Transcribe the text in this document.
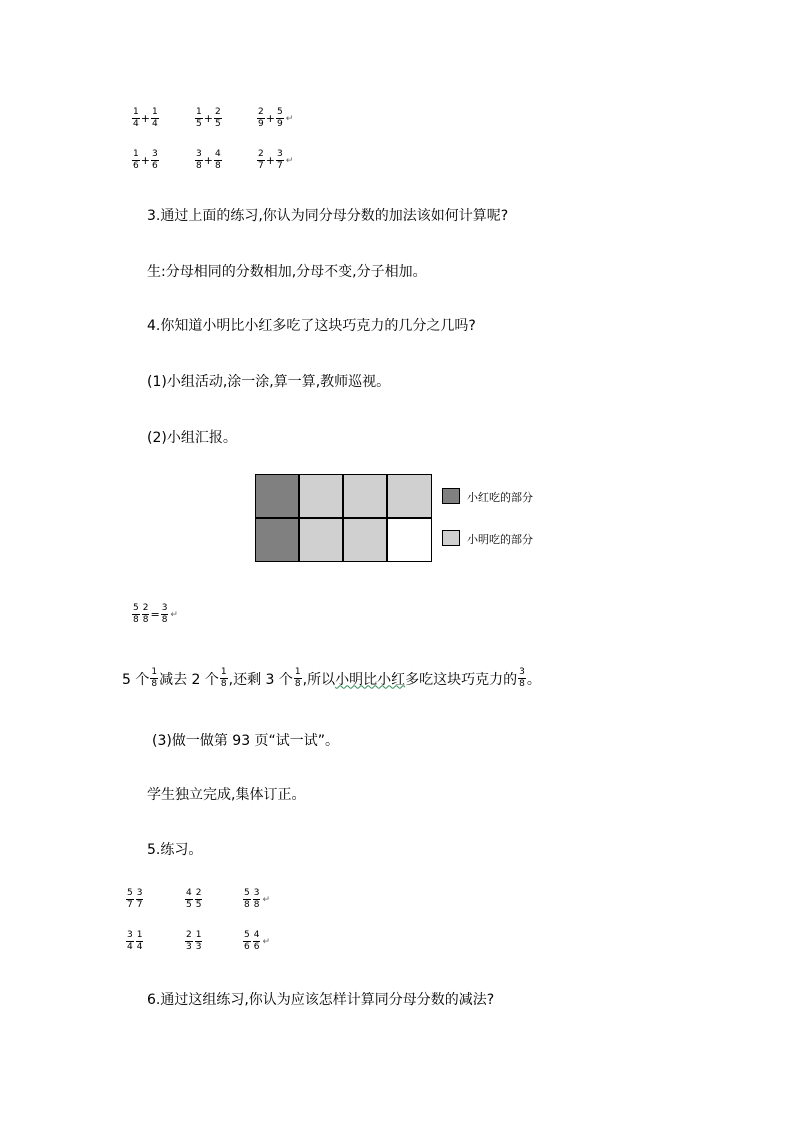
$\frac{1}{4} + \frac{1}{4}$	$\frac{1}{5} + \frac{2}{5}$	$\frac{2}{9} + \frac{5}{9}$ ↵
$\frac{1}{6} + \frac{3}{6}$	$\frac{3}{8} + \frac{4}{8}$	$\frac{2}{7} + \frac{3}{7}$ ↵
3.通过上面的练习,你认为同分母分数的加法该如何计算呢?
生:分母相同的分数相加,分母不变,分子相加。
4.你知道小明比小红多吃了这块巧克力的几分之几吗?
(1)小组活动,涂一涂,算一算,教师巡视。
(2)小组汇报。
小红吃的部分
小明吃的部分
$\frac{5}{8} \frac{2}{8} = \frac{3}{8}$ ↵
5 个 $\frac{1}{8}$ 减去 2 个 $\frac{1}{8}$ ,还剩 3 个 $\frac{1}{8}$ ,所以 小明比小红 多吃这块巧克力的 $\frac{3}{8}$ 。
(3)做一做第 93 页“试一试”。
学生独立完成,集体订正。
5.练习。
$\frac{5}{7} \frac{3}{7}$	$\frac{4}{5} \frac{2}{5}$	$\frac{5}{8} \frac{3}{8}$ ↵
$\frac{3}{4} \frac{1}{4}$	$\frac{2}{3} \frac{1}{3}$	$\frac{5}{6} \frac{4}{6}$ ↵
6.通过这组练习,你认为应该怎样计算同分母分数的减法?
